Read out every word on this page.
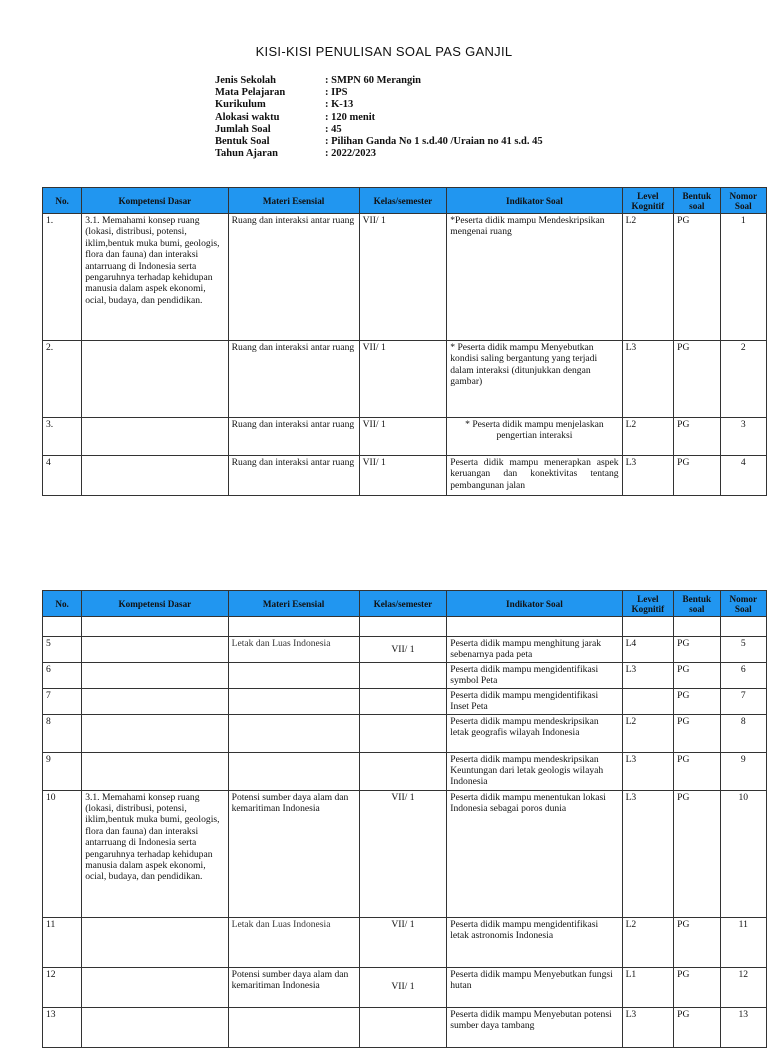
KISI-KISI PENULISAN SOAL PAS GANJIL
Jenis Sekolah	: SMPN 60 Merangin
Mata Pelajaran	: IPS
Kurikulum	: K-13
Alokasi waktu	: 120 menit
Jumlah Soal	: 45
Bentuk Soal	: Pilihan Ganda No 1 s.d.40 /Uraian no 41 s.d. 45
Tahun Ajaran	: 2022/2023
No.	Kompetensi Dasar	Materi Esensial	Kelas/semester	Indikator Soal	Level Kognitif	Bentuk soal	Nomor Soal
1.	3.1. Memahami konsep ruang (lokasi, distribusi, potensi, iklim,bentuk muka bumi, geologis, flora dan fauna) dan interaksi antarruang di Indonesia serta pengaruhnya terhadap kehidupan manusia dalam aspek ekonomi, ocial, budaya, dan pendidikan.	Ruang dan interaksi antar ruang	VII/ 1	*Peserta didik mampu Mendeskripsikan mengenai ruang	L2	PG	1
2.		Ruang dan interaksi antar ruang	VII/ 1	* Peserta didik mampu Menyebutkan kondisi saling bergantung yang terjadi dalam interaksi (ditunjukkan dengan gambar)	L3	PG	2
3.		Ruang dan interaksi antar ruang	VII/ 1	* Peserta didik mampu menjelaskan pengertian interaksi	L2	PG	3
4		Ruang dan interaksi antar ruang	VII/ 1	Peserta didik mampu menerapkan aspek keruangan dan konektivitas tentang pembangunan jalan	L3	PG	4
No.	Kompetensi Dasar	Materi Esensial	Kelas/semester	Indikator Soal	Level Kognitif	Bentuk soal	Nomor Soal

5		Letak dan Luas Indonesia	VII/ 1	Peserta didik mampu menghitung jarak sebenarnya pada peta	L4	PG	5
6				Peserta didik mampu mengidentifikasi symbol Peta	L3	PG	6
7				Peserta didik mampu mengidentifikasi Inset Peta		PG	7
8				Peserta didik mampu mendeskripsikan letak geografis wilayah Indonesia	L2	PG	8
9				Peserta didik mampu mendeskripsikan Keuntungan dari letak geologis wilayah Indonesia	L3	PG	9
10	3.1. Memahami konsep ruang (lokasi, distribusi, potensi, iklim,bentuk muka bumi, geologis, flora dan fauna) dan interaksi antarruang di Indonesia serta pengaruhnya terhadap kehidupan manusia dalam aspek ekonomi, ocial, budaya, dan pendidikan.	Potensi sumber daya alam dan kemaritiman Indonesia	VII/ 1	Peserta didik mampu menentukan lokasi Indonesia sebagai poros dunia	L3	PG	10
11		Letak dan Luas Indonesia	VII/ 1	Peserta didik mampu mengidentifikasi letak astronomis Indonesia	L2	PG	11
12		Potensi sumber daya alam dan kemaritiman Indonesia	VII/ 1	Peserta didik mampu Menyebutkan fungsi hutan	L1	PG	12
13				Peserta didik mampu Menyebutan potensi sumber daya tambang	L3	PG	13
